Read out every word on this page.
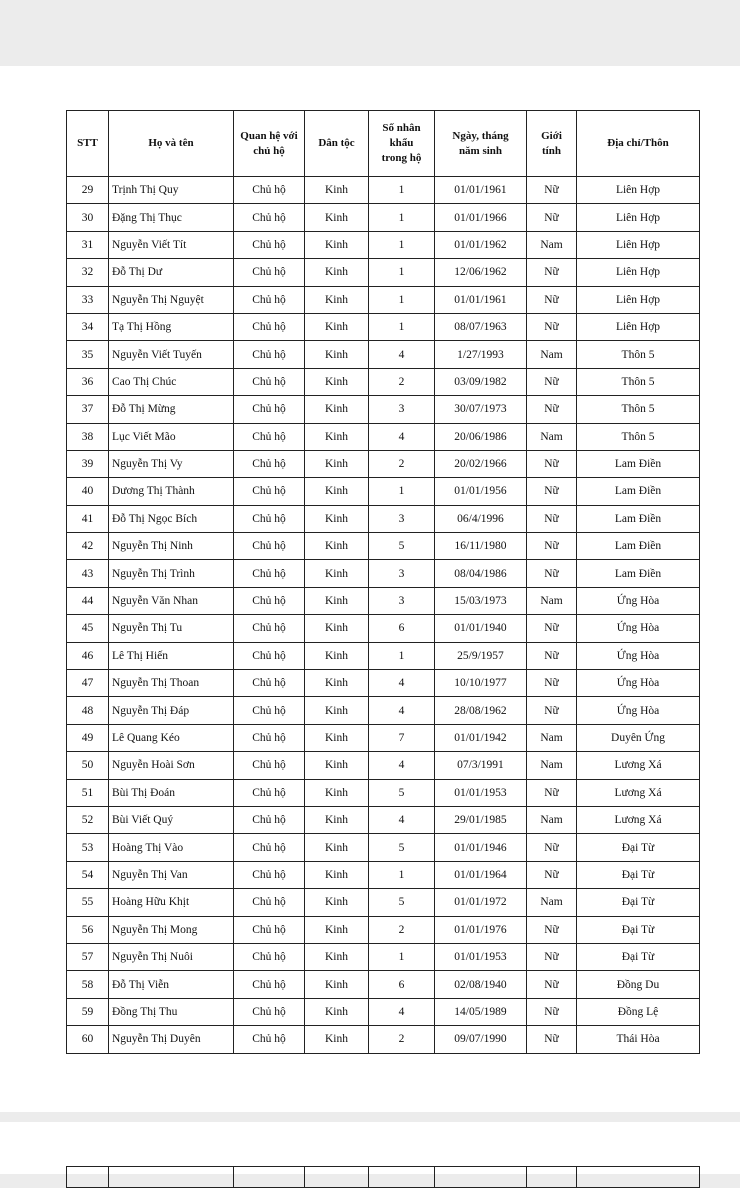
STT	Họ và tên	Quan hệ với chủ hộ	Dân tộc	Số nhân khẩu trong hộ	Ngày, tháng năm sinh	Giới tính	Địa chỉ/Thôn
29	Trịnh Thị Quy	Chủ hộ	Kinh	1	01/01/1961	Nữ	Liên Hợp
30	Đặng Thị Thục	Chủ hộ	Kinh	1	01/01/1966	Nữ	Liên Hợp
31	Nguyễn Viết Tít	Chủ hộ	Kinh	1	01/01/1962	Nam	Liên Hợp
32	Đỗ Thị Dư	Chủ hộ	Kinh	1	12/06/1962	Nữ	Liên Hợp
33	Nguyễn Thị Nguyệt	Chủ hộ	Kinh	1	01/01/1961	Nữ	Liên Hợp
34	Tạ Thị Hồng	Chủ hộ	Kinh	1	08/07/1963	Nữ	Liên Hợp
35	Nguyễn Viết Tuyến	Chủ hộ	Kinh	4	1/27/1993	Nam	Thôn 5
36	Cao Thị Chúc	Chủ hộ	Kinh	2	03/09/1982	Nữ	Thôn 5
37	Đỗ Thị Mừng	Chủ hộ	Kinh	3	30/07/1973	Nữ	Thôn 5
38	Lục Viết Mão	Chủ hộ	Kinh	4	20/06/1986	Nam	Thôn 5
39	Nguyễn Thị Vy	Chủ hộ	Kinh	2	20/02/1966	Nữ	Lam Điền
40	Dương Thị Thành	Chủ hộ	Kinh	1	01/01/1956	Nữ	Lam Điền
41	Đỗ Thị Ngọc Bích	Chủ hộ	Kinh	3	06/4/1996	Nữ	Lam Điền
42	Nguyễn Thị Ninh	Chủ hộ	Kinh	5	16/11/1980	Nữ	Lam Điền
43	Nguyễn Thị Trình	Chủ hộ	Kinh	3	08/04/1986	Nữ	Lam Điền
44	Nguyễn Văn Nhan	Chủ hộ	Kinh	3	15/03/1973	Nam	Ứng Hòa
45	Nguyễn Thị Tu	Chủ hộ	Kinh	6	01/01/1940	Nữ	Ứng Hòa
46	Lê Thị Hiến	Chủ hộ	Kinh	1	25/9/1957	Nữ	Ứng Hòa
47	Nguyễn Thị Thoan	Chủ hộ	Kinh	4	10/10/1977	Nữ	Ứng Hòa
48	Nguyễn Thị Đáp	Chủ hộ	Kinh	4	28/08/1962	Nữ	Ứng Hòa
49	Lê Quang Kéo	Chủ hộ	Kinh	7	01/01/1942	Nam	Duyên Ứng
50	Nguyễn Hoài Sơn	Chủ hộ	Kinh	4	07/3/1991	Nam	Lương Xá
51	Bùi Thị Đoán	Chủ hộ	Kinh	5	01/01/1953	Nữ	Lương Xá
52	Bùi Viết Quý	Chủ hộ	Kinh	4	29/01/1985	Nam	Lương Xá
53	Hoàng Thị Vào	Chủ hộ	Kinh	5	01/01/1946	Nữ	Đại Từ
54	Nguyễn Thị Van	Chủ hộ	Kinh	1	01/01/1964	Nữ	Đại Từ
55	Hoàng Hữu Khịt	Chủ hộ	Kinh	5	01/01/1972	Nam	Đại Từ
56	Nguyễn Thị Mong	Chủ hộ	Kinh	2	01/01/1976	Nữ	Đại Từ
57	Nguyễn Thị Nuôi	Chủ hộ	Kinh	1	01/01/1953	Nữ	Đại Từ
58	Đỗ Thị Viễn	Chủ hộ	Kinh	6	02/08/1940	Nữ	Đồng Du
59	Đồng Thị Thu	Chủ hộ	Kinh	4	14/05/1989	Nữ	Đồng Lệ
60	Nguyễn Thị Duyên	Chủ hộ	Kinh	2	09/07/1990	Nữ	Thái Hòa
